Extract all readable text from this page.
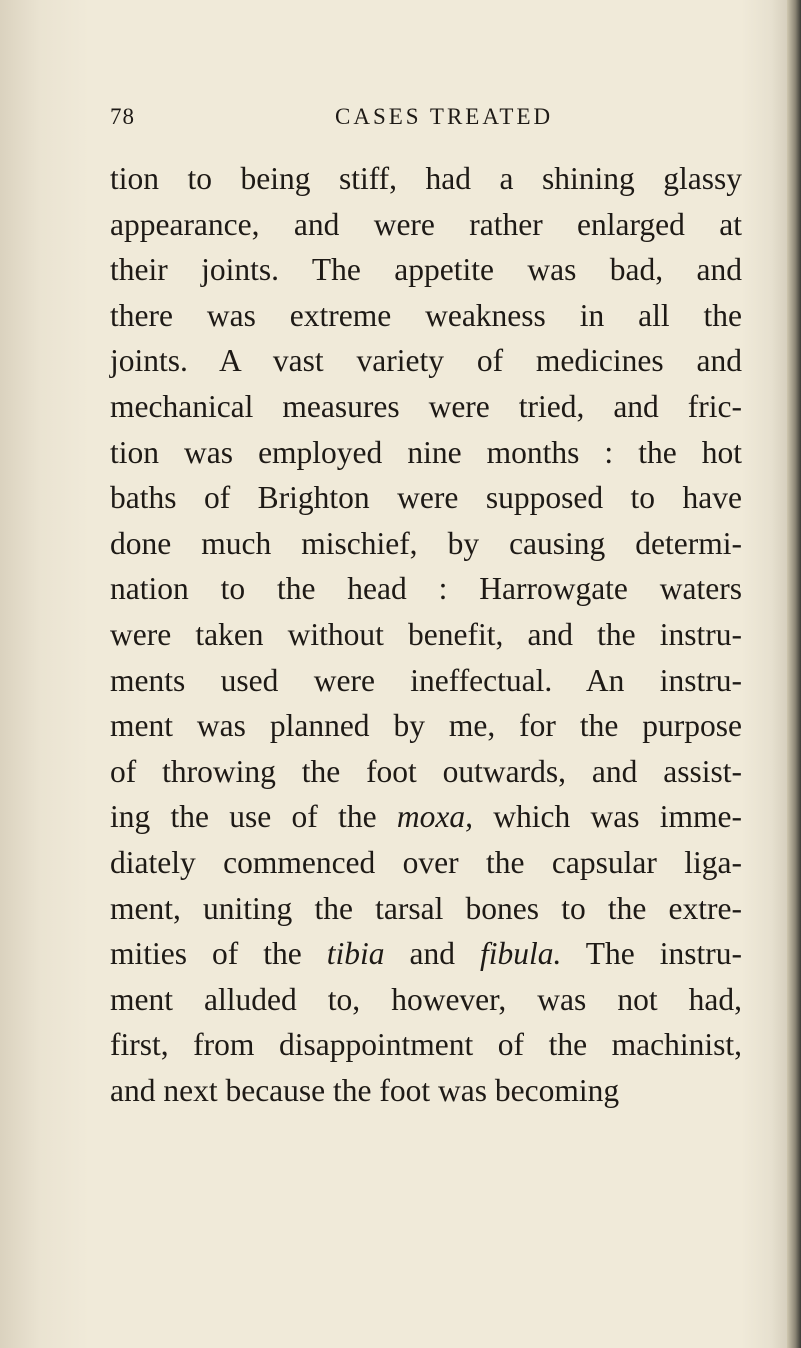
78	CASES TREATED
tion to being stiff, had a shining glassy
appearance, and were rather enlarged at
their joints. The appetite was bad, and
there was extreme weakness in all the
joints. A vast variety of medicines and
mechanical measures were tried, and fric-
tion was employed nine months : the hot
baths of Brighton were supposed to have
done much mischief, by causing determi-
nation to the head : Harrowgate waters
were taken without benefit, and the instru-
ments used were ineffectual. An instru-
ment was planned by me, for the purpose
of throwing the foot outwards, and assist-
ing the use of the moxa, which was imme-
diately commenced over the capsular liga-
ment, uniting the tarsal bones to the extre-
mities of the tibia and fibula. The instru-
ment alluded to, however, was not had,
first, from disappointment of the machinist,
and next because the foot was becoming
